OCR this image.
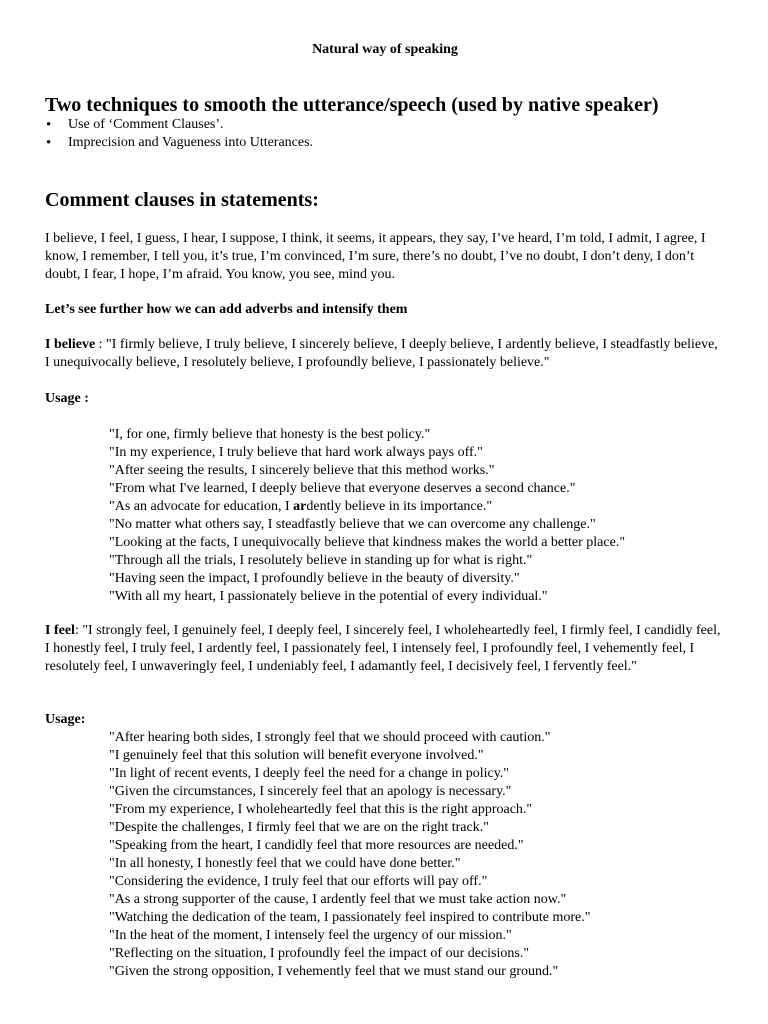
Natural way of speaking
Two techniques to smooth the utterance/speech (used by native speaker)
• Use of ‘Comment Clauses’.
• Imprecision and Vagueness into Utterances.
Comment clauses in statements:

I believe, I feel, I guess, I hear, I suppose, I think, it seems, it appears, they say, I’ve heard, I’m told, I admit, I agree, I know, I remember, I tell you, it’s true, I’m convinced, I’m sure, there’s no doubt, I’ve no doubt, I don’t deny, I don’t doubt, I fear, I hope, I’m afraid. You know, you see, mind you.

Let’s see further how we can add adverbs and intensify them

I believe : "I firmly believe, I truly believe, I sincerely believe, I deeply believe, I ardently believe, I steadfastly believe, I unequivocally believe, I resolutely believe, I profoundly believe, I passionately believe."

Usage :

"I, for one, firmly believe that honesty is the best policy."
"In my experience, I truly believe that hard work always pays off."
"After seeing the results, I sincerely believe that this method works."
"From what I've learned, I deeply believe that everyone deserves a second chance."
"As an advocate for education, I ardently believe in its importance."
"No matter what others say, I steadfastly believe that we can overcome any challenge."
"Looking at the facts, I unequivocally believe that kindness makes the world a better place."
"Through all the trials, I resolutely believe in standing up for what is right."
"Having seen the impact, I profoundly believe in the beauty of diversity."
"With all my heart, I passionately believe in the potential of every individual."

I feel: "I strongly feel, I genuinely feel, I deeply feel, I sincerely feel, I wholeheartedly feel, I firmly feel, I candidly feel, I honestly feel, I truly feel, I ardently feel, I passionately feel, I intensely feel, I profoundly feel, I vehemently feel, I resolutely feel, I unwaveringly feel, I undeniably feel, I adamantly feel, I decisively feel, I fervently feel."

Usage:

"After hearing both sides, I strongly feel that we should proceed with caution."
"I genuinely feel that this solution will benefit everyone involved."
"In light of recent events, I deeply feel the need for a change in policy."
"Given the circumstances, I sincerely feel that an apology is necessary."
"From my experience, I wholeheartedly feel that this is the right approach."
"Despite the challenges, I firmly feel that we are on the right track."
"Speaking from the heart, I candidly feel that more resources are needed."
"In all honesty, I honestly feel that we could have done better."
"Considering the evidence, I truly feel that our efforts will pay off."
"As a strong supporter of the cause, I ardently feel that we must take action now."
"Watching the dedication of the team, I passionately feel inspired to contribute more."
"In the heat of the moment, I intensely feel the urgency of our mission."
"Reflecting on the situation, I profoundly feel the impact of our decisions."
"Given the strong opposition, I vehemently feel that we must stand our ground."
